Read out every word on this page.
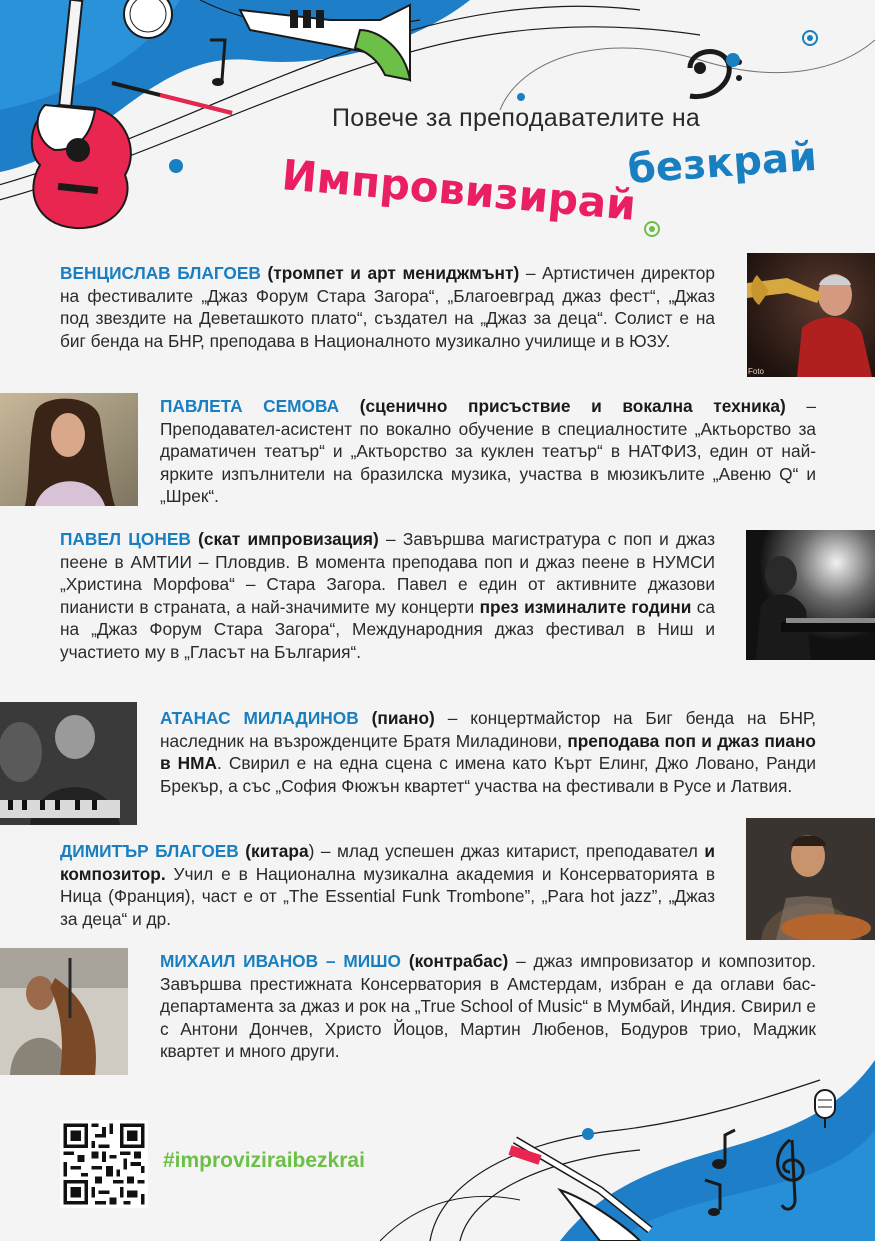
Повече за преподавателите на
Импровизирай
безкрай
ВЕНЦИСЛАВ БЛАГОЕВ (тромпет и арт мениджмънт) – Артистичен директор на фестивалите „Джаз Форум Стара Загора“, „Благоевград джаз фест“, „Джаз под звездите на Деветашкото плато“, създател на „Джаз за деца“. Солист е на биг бенда на БНР, преподава в Националното музикално училище и в ЮЗУ.
Foto
ПАВЛЕТА СЕМОВА (сценично присъствие и вокална техника) – Преподавател-асистент по вокално обучение в специалностите „Актьорство за драматичен театър“ и „Актьорство за куклен театър“ в НАТФИЗ, един от най-ярките изпълнители на бразилска музика, участва в мюзикълите „Авеню Q“ и „Шрек“.
ПАВЕЛ ЦОНЕВ (скат импровизация) – Завършва магистратура с поп и джаз пеене в АМТИИ – Пловдив. В момента преподава поп и джаз пеене в НУМСИ „Христина Морфова“ – Стара Загора. Павел е един от активните джазови пианисти в страната, а най-значимите му концерти през изминалите години са на „Джаз Форум Стара Загора“, Международния джаз фестивал в Ниш и участието му в „Гласът на България“.
АТАНАС МИЛАДИНОВ (пиано) – концертмайстор на Биг бенда на БНР, наследник на възрожденците Братя Миладинови, преподава поп и джаз пиано в НМА. Свирил е на една сцена с имена като Кърт Елинг, Джо Ловано, Ранди Брекър, а със „София Фюжън квартет“ участва на фестивали в Русе и Латвия.
ДИМИТЪР БЛАГОЕВ (китара) – млад успешен джаз китарист, преподавател и композитор. Учил е в Национална музикална академия и Консерваторията в Ница (Франция), част е от „The Essential Funk Trombone”, „Para hot jazz”, „Джаз за деца“ и др.
МИХАИЛ ИВАНОВ – МИШО (контрабас) – джаз импровизатор и композитор. Завършва престижната Консерватория в Амстердам, избран е да оглави бас-департамента за джаз и рок на „True School of Music“ в Мумбай, Индия. Свирил е с Антони Дончев, Христо Йоцов, Мартин Любенов, Бодуров трио, Маджик квартет и много други.
#improviziraibezkrai
